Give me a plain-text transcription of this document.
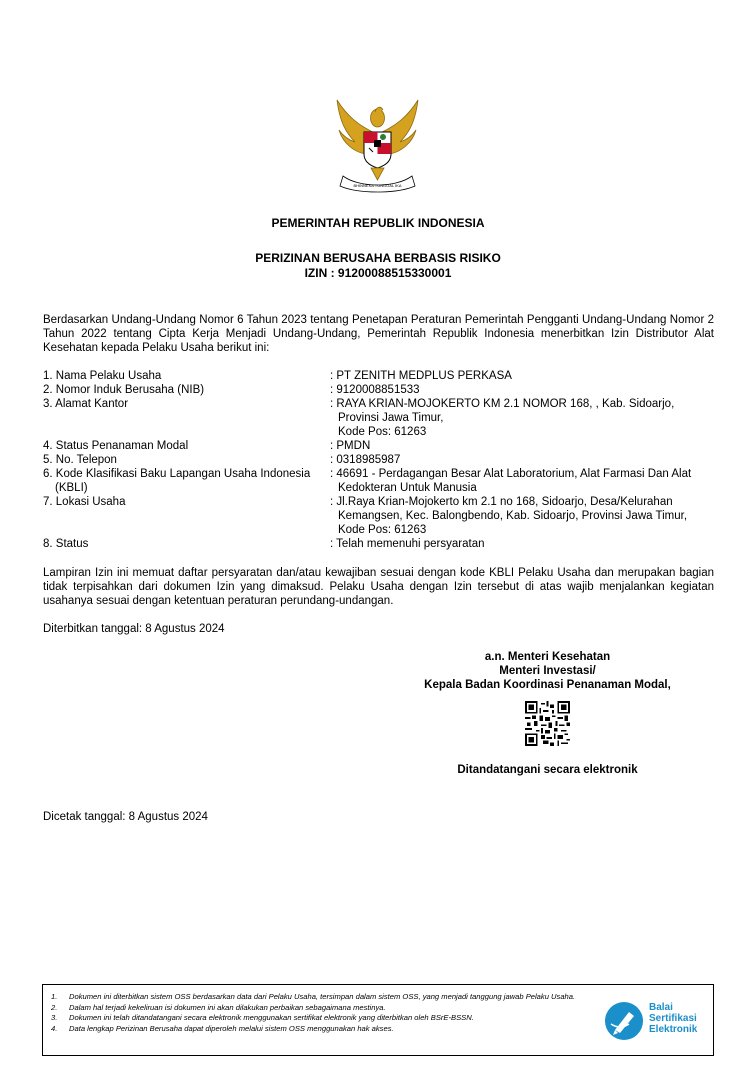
BHINNEKA TUNGGAL IKA
PEMERINTAH REPUBLIK INDONESIA
PERIZINAN BERUSAHA BERBASIS RISIKO
IZIN : 91200088515330001
Berdasarkan Undang-Undang Nomor 6 Tahun 2023 tentang Penetapan Peraturan Pemerintah Pengganti Undang-Undang Nomor 2 Tahun 2022 tentang Cipta Kerja Menjadi Undang-Undang, Pemerintah Republik Indonesia menerbitkan Izin Distributor Alat Kesehatan kepada Pelaku Usaha berikut ini:
1. Nama Pelaku Usaha	: PT ZENITH MEDPLUS PERKASA
2. Nomor Induk Berusaha (NIB)	: 9120008851533
3. Alamat Kantor	: RAYA KRIAN-MOJOKERTO KM 2.1 NOMOR 168, , Kab. Sidoarjo,
Provinsi Jawa Timur,
Kode Pos: 61263
4. Status Penanaman Modal	: PMDN
5. No. Telepon	: 0318985987
6. Kode Klasifikasi Baku Lapangan Usaha Indonesia
(KBLI)
: 46691 - Perdagangan Besar Alat Laboratorium, Alat Farmasi Dan Alat
Kedokteran Untuk Manusia
7. Lokasi Usaha	: Jl.Raya Krian-Mojokerto km 2.1 no 168, Sidoarjo, Desa/Kelurahan
Kemangsen, Kec. Balongbendo, Kab. Sidoarjo, Provinsi Jawa Timur,
Kode Pos: 61263
8. Status	: Telah memenuhi persyaratan
Lampiran Izin ini memuat daftar persyaratan dan/atau kewajiban sesuai dengan kode KBLI Pelaku Usaha dan merupakan bagian tidak terpisahkan dari dokumen Izin yang dimaksud. Pelaku Usaha dengan Izin tersebut di atas wajib menjalankan kegiatan usahanya sesuai dengan ketentuan peraturan perundang-undangan.
Diterbitkan tanggal: 8 Agustus 2024
a.n. Menteri Kesehatan
Menteri Investasi/
Kepala Badan Koordinasi Penanaman Modal,
Ditandatangani secara elektronik
Dicetak tanggal: 8 Agustus 2024
1.	Dokumen ini diterbitkan sistem OSS berdasarkan data dari Pelaku Usaha, tersimpan dalam sistem OSS, yang menjadi tanggung jawab Pelaku Usaha.
2.	Dalam hal terjadi kekeliruan isi dokumen ini akan dilakukan perbaikan sebagaimana mestinya.
3.	Dokumen ini telah ditandatangani secara elektronik menggunakan sertifikat elektronik yang diterbitkan oleh BSrE-BSSN.
4.	Data lengkap Perizinan Berusaha dapat diperoleh melalui sistem OSS menggunakan hak akses.
Balai
Sertifikasi
Elektronik
